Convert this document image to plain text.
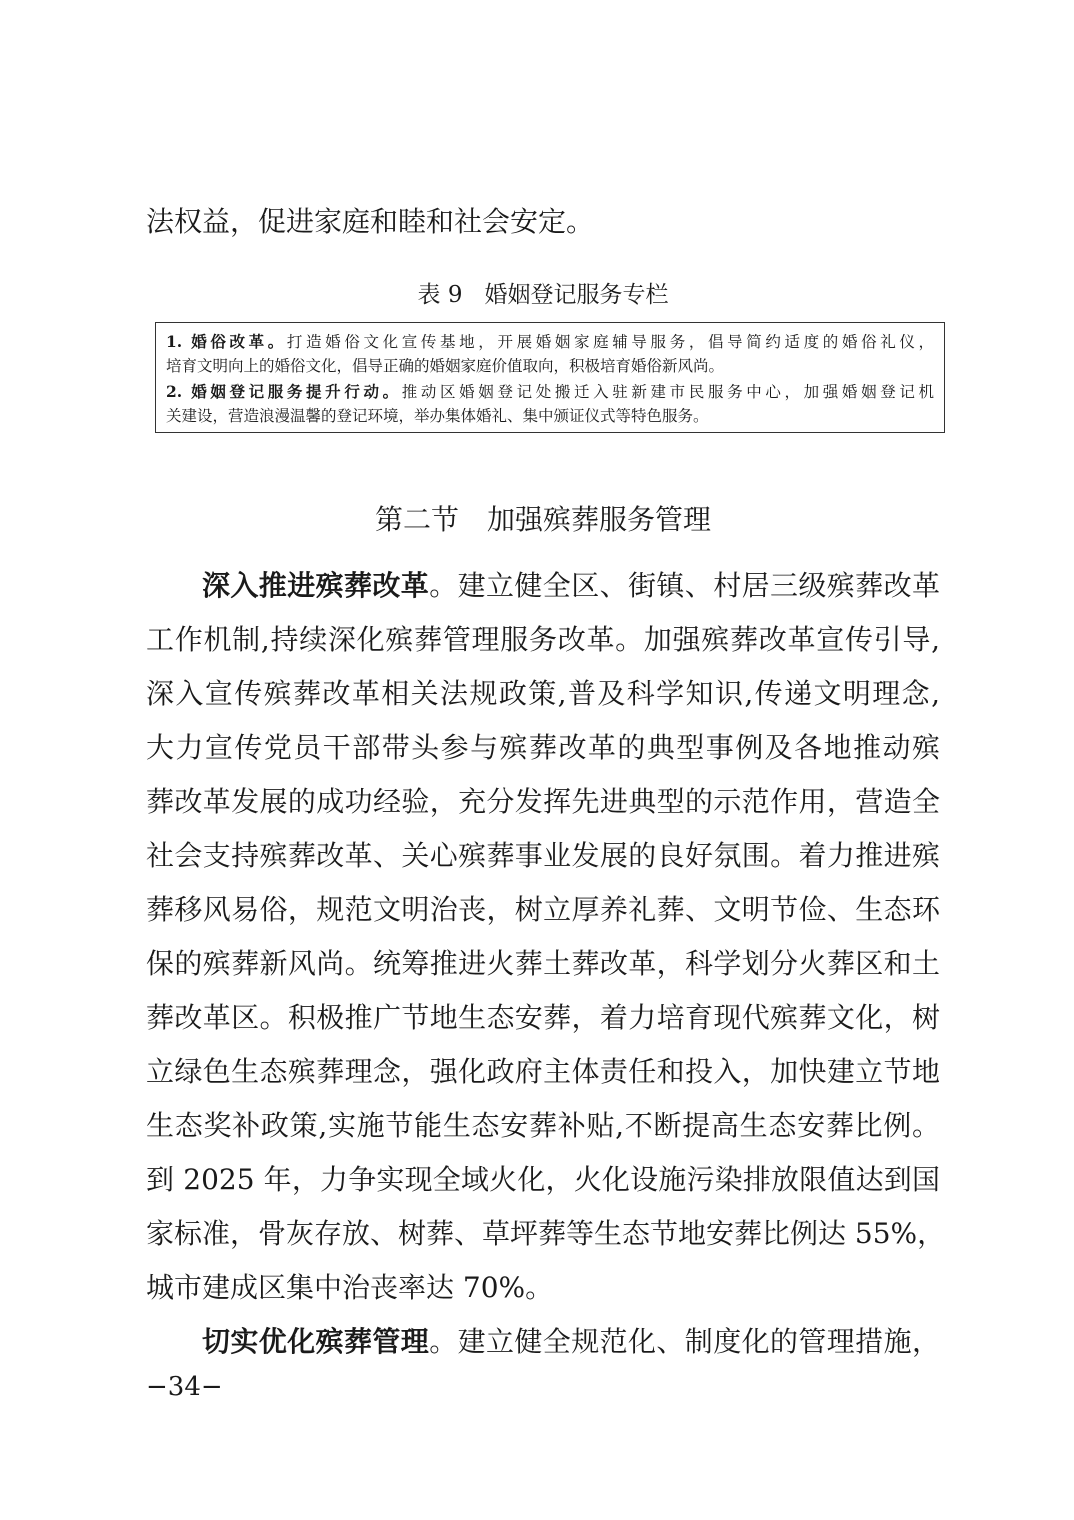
法权益，促进家庭和睦和社会安定。
表 9 婚姻登记服务专栏
1. 婚俗改革。打造婚俗文化宣传基地，开展婚姻家庭辅导服务，倡导简约适度的婚俗礼仪，
培育文明向上的婚俗文化，倡导正确的婚姻家庭价值取向，积极培育婚俗新风尚。
2. 婚姻登记服务提升行动。推动区婚姻登记处搬迁入驻新建市民服务中心，加强婚姻登记机
关建设，营造浪漫温馨的登记环境，举办集体婚礼、集中颁证仪式等特色服务。
第二节 加强殡葬服务管理
深入推进殡葬改革。建立健全区、街镇、村居三级殡葬改革
工作机制,持续深化殡葬管理服务改革。加强殡葬改革宣传引导,
深入宣传殡葬改革相关法规政策,普及科学知识,传递文明理念,
大力宣传党员干部带头参与殡葬改革的典型事例及各地推动殡
葬改革发展的成功经验，充分发挥先进典型的示范作用，营造全
社会支持殡葬改革、关心殡葬事业发展的良好氛围。着力推进殡
葬移风易俗，规范文明治丧，树立厚养礼葬、文明节俭、生态环
保的殡葬新风尚。统筹推进火葬土葬改革，科学划分火葬区和土
葬改革区。积极推广节地生态安葬，着力培育现代殡葬文化，树
立绿色生态殡葬理念，强化政府主体责任和投入，加快建立节地
生态奖补政策,实施节能生态安葬补贴,不断提高生态安葬比例。
到 2025 年，力争实现全域火化，火化设施污染排放限值达到国
家标准，骨灰存放、树葬、草坪葬等生态节地安葬比例达 55%，
城市建成区集中治丧率达 70%。
切实优化殡葬管理。建立健全规范化、制度化的管理措施，
−34−
